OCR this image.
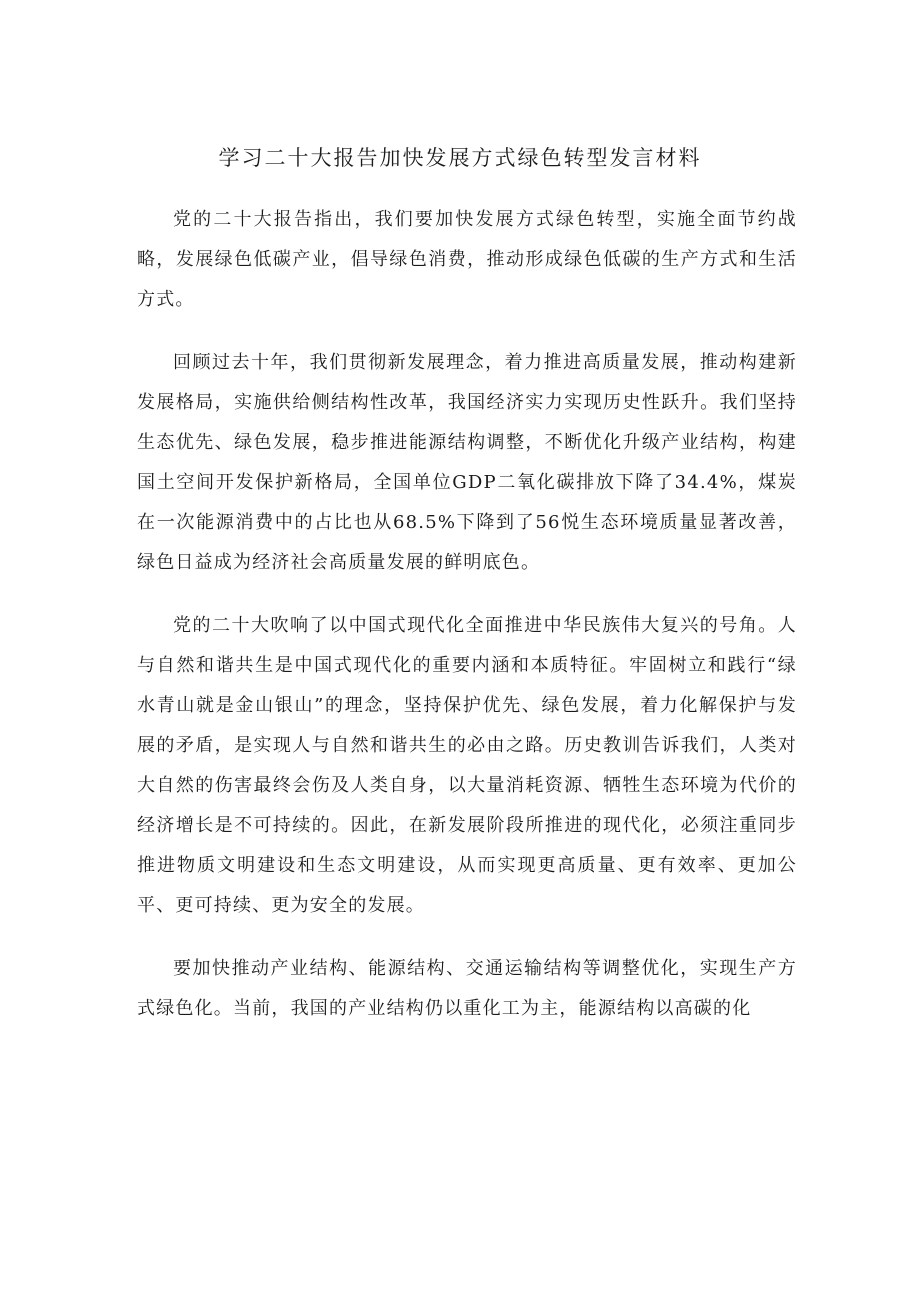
学习二十大报告加快发展方式绿色转型发言材料

党的二十大报告指出，我们要加快发展方式绿色转型，实施全面节约战略，发展绿色低碳产业，倡导绿色消费，推动形成绿色低碳的生产方式和生活方式。

回顾过去十年，我们贯彻新发展理念，着力推进高质量发展，推动构建新发展格局，实施供给侧结构性改革，我国经济实力实现历史性跃升。我们坚持生态优先、绿色发展，稳步推进能源结构调整，不断优化升级产业结构，构建国土空间开发保护新格局，全国单位GDP二氧化碳排放下降了34.4%，煤炭在一次能源消费中的占比也从68.5%下降到了56悦生态环境质量显著改善，绿色日益成为经济社会高质量发展的鲜明底色。

党的二十大吹响了以中国式现代化全面推进中华民族伟大复兴的号角。人与自然和谐共生是中国式现代化的重要内涵和本质特征。牢固树立和践行“绿水青山就是金山银山”的理念，坚持保护优先、绿色发展，着力化解保护与发展的矛盾，是实现人与自然和谐共生的必由之路。历史教训告诉我们，人类对大自然的伤害最终会伤及人类自身，以大量消耗资源、牺牲生态环境为代价的经济增长是不可持续的。因此，在新发展阶段所推进的现代化，必须注重同步推进物质文明建设和生态文明建设，从而实现更高质量、更有效率、更加公平、更可持续、更为安全的发展。

要加快推动产业结构、能源结构、交通运输结构等调整优化，实现生产方式绿色化。当前，我国的产业结构仍以重化工为主，能源结构以高碳的化
